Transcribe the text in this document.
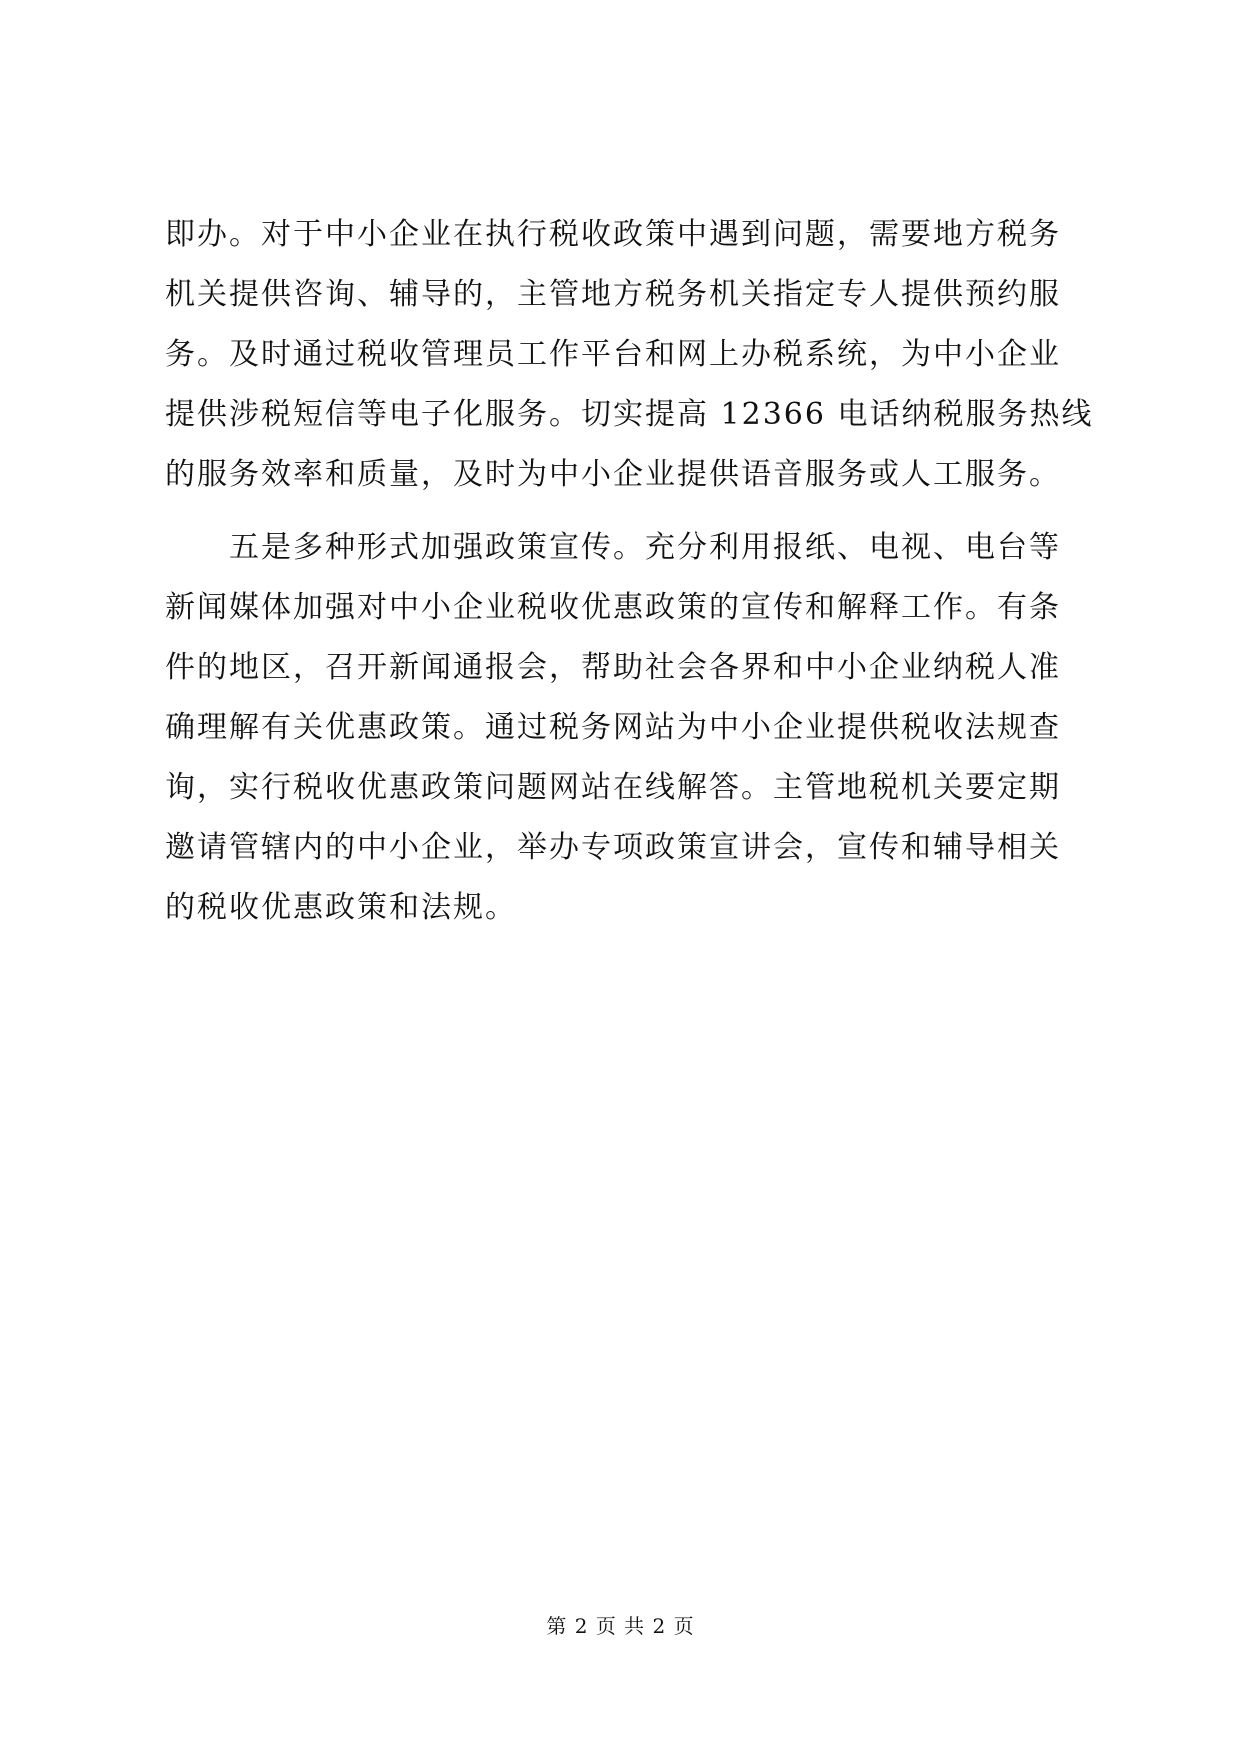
即办。对于中小企业在执行税收政策中遇到问题，需要地方税务
机关提供咨询、辅导的，主管地方税务机关指定专人提供预约服
务。及时通过税收管理员工作平台和网上办税系统，为中小企业
提供涉税短信等电子化服务。切实提高 12366 电话纳税服务热线
的服务效率和质量，及时为中小企业提供语音服务或人工服务。
　　五是多种形式加强政策宣传。充分利用报纸、电视、电台等
新闻媒体加强对中小企业税收优惠政策的宣传和解释工作。有条
件的地区，召开新闻通报会，帮助社会各界和中小企业纳税人准
确理解有关优惠政策。通过税务网站为中小企业提供税收法规查
询，实行税收优惠政策问题网站在线解答。主管地税机关要定期
邀请管辖内的中小企业，举办专项政策宣讲会，宣传和辅导相关
的税收优惠政策和法规。
第 2 页 共 2 页
